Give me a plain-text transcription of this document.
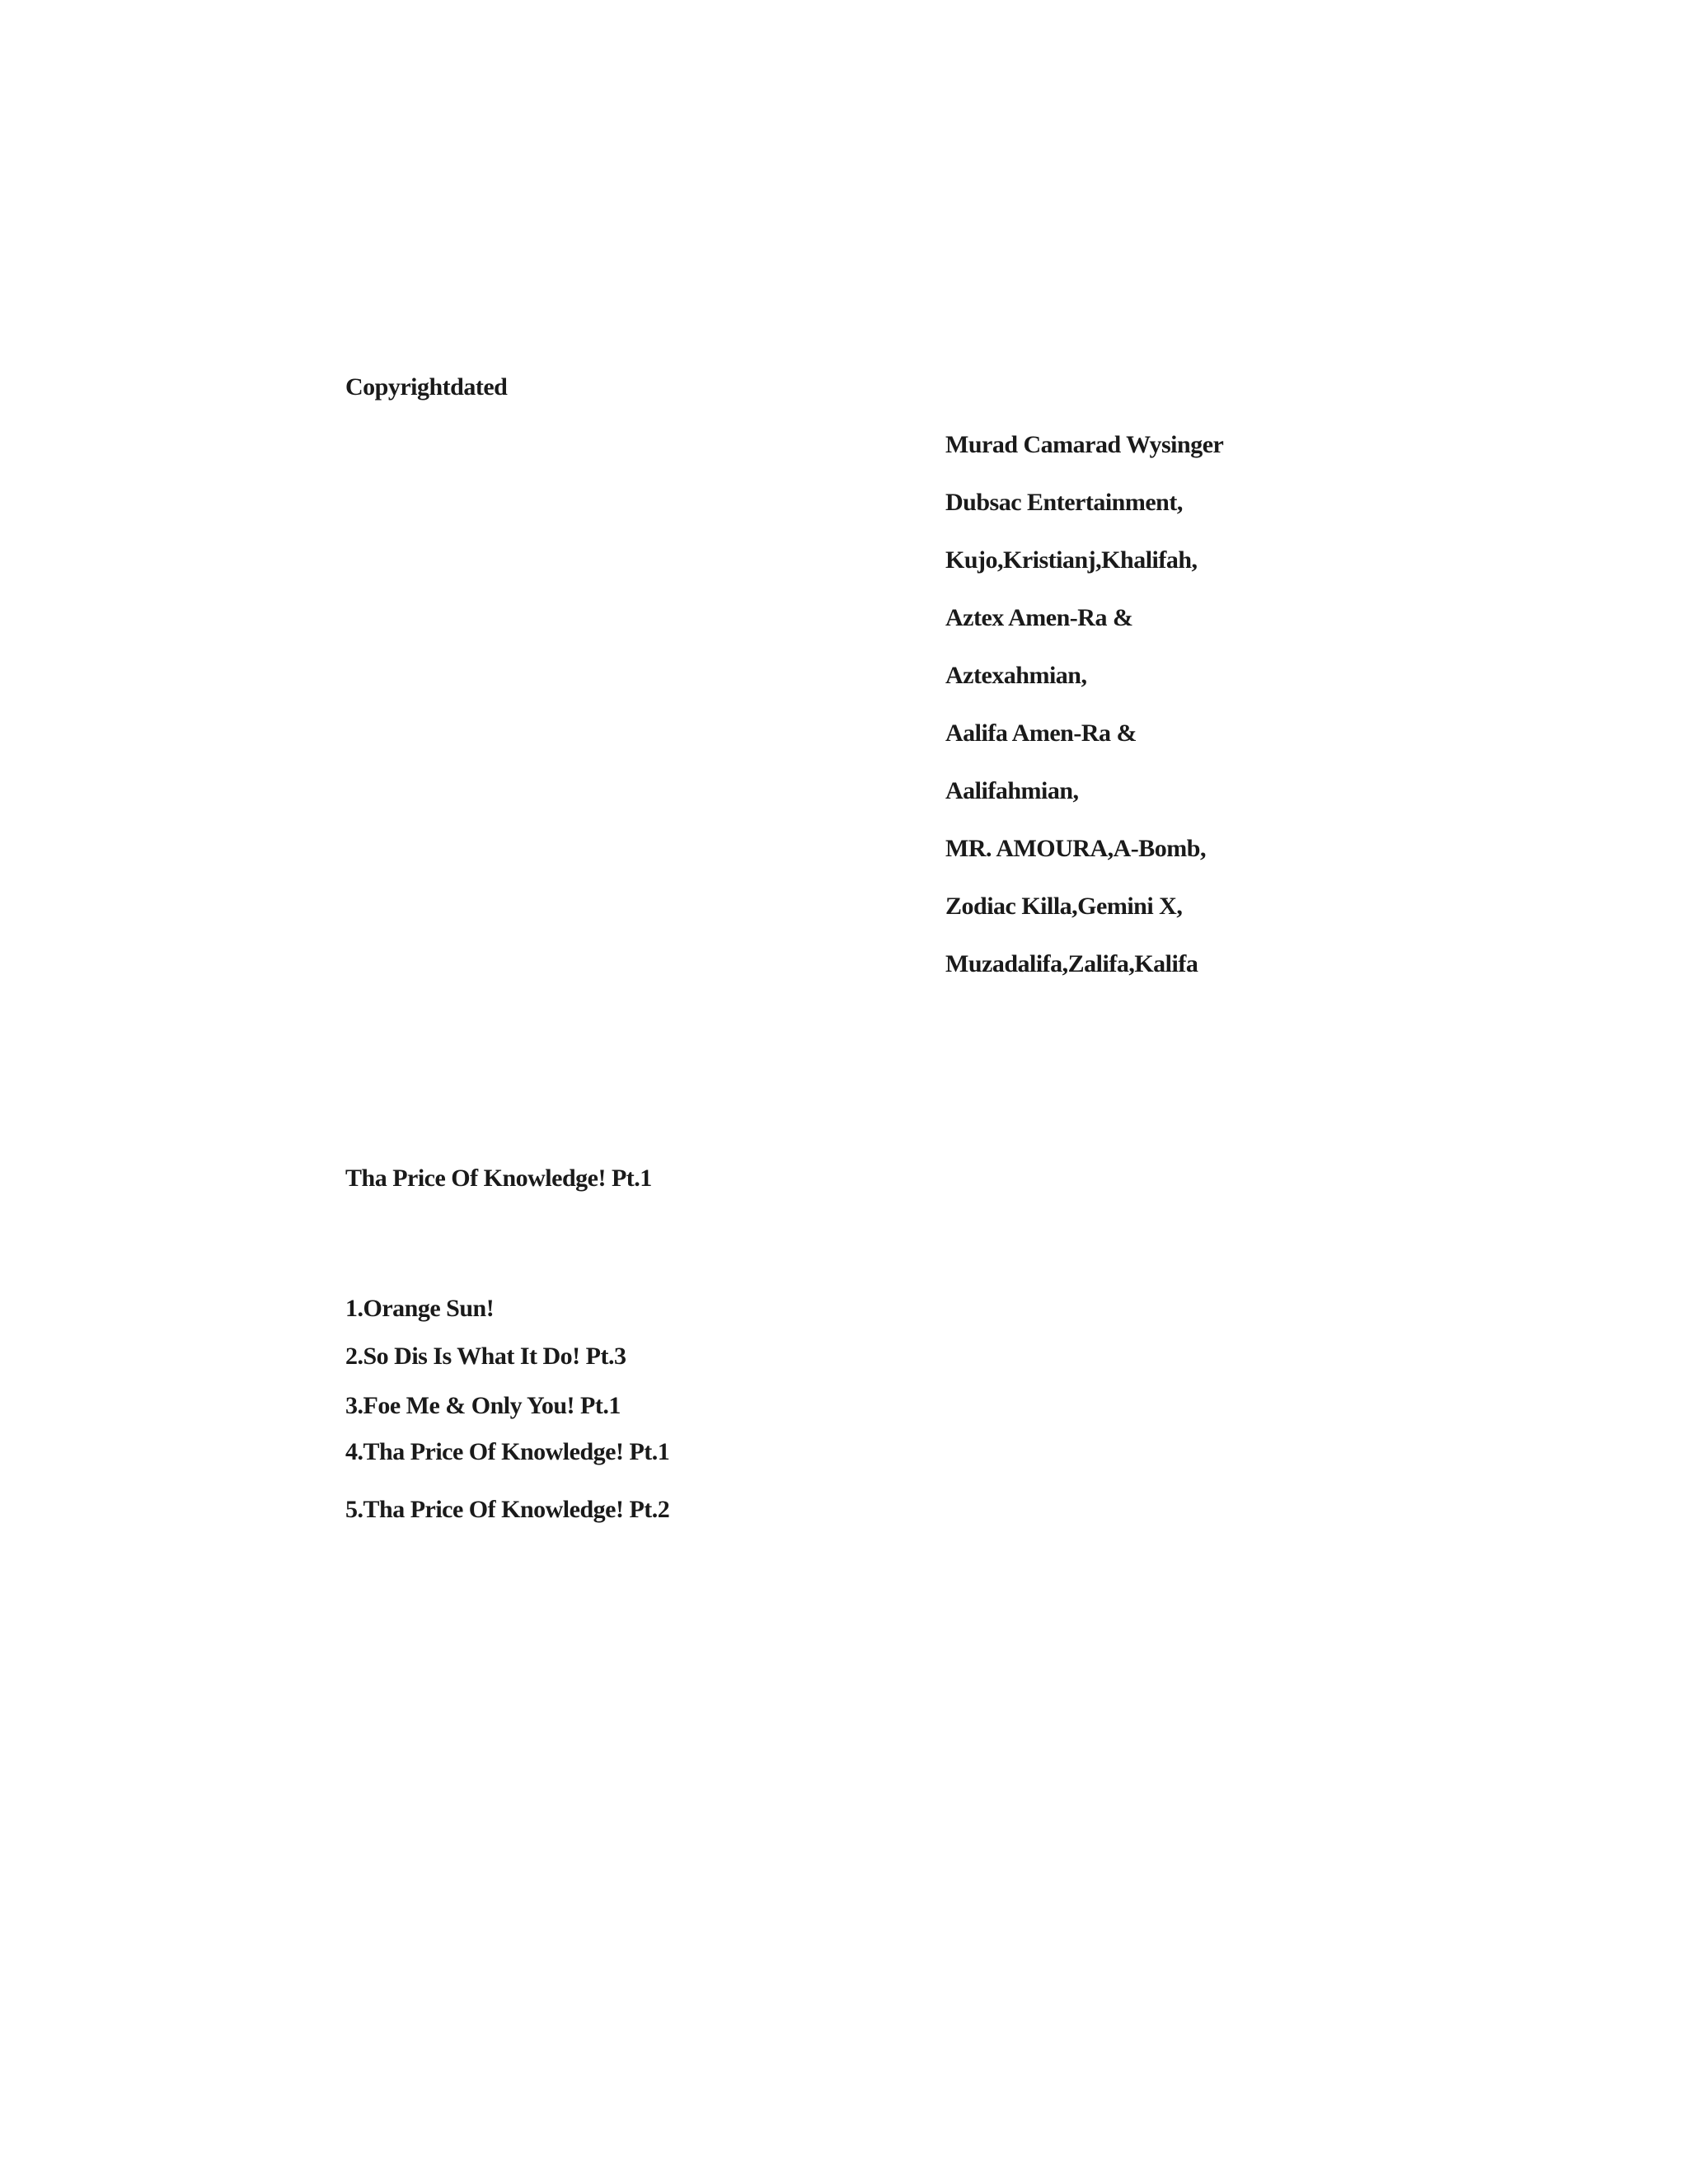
Copyrightdated
Murad Camarad Wysinger
Dubsac Entertainment,
Kujo,Kristianj,Khalifah,
Aztex Amen-Ra &
Aztexahmian,
Aalifa Amen-Ra &
Aalifahmian,
MR. AMOURA,A-Bomb,
Zodiac Killa,Gemini X,
Muzadalifa,Zalifa,Kalifa
Tha Price Of Knowledge! Pt.1
1.Orange Sun!
2.So Dis Is What It Do! Pt.3
3.Foe Me & Only You! Pt.1
4.Tha Price Of Knowledge! Pt.1
5.Tha Price Of Knowledge! Pt.2
